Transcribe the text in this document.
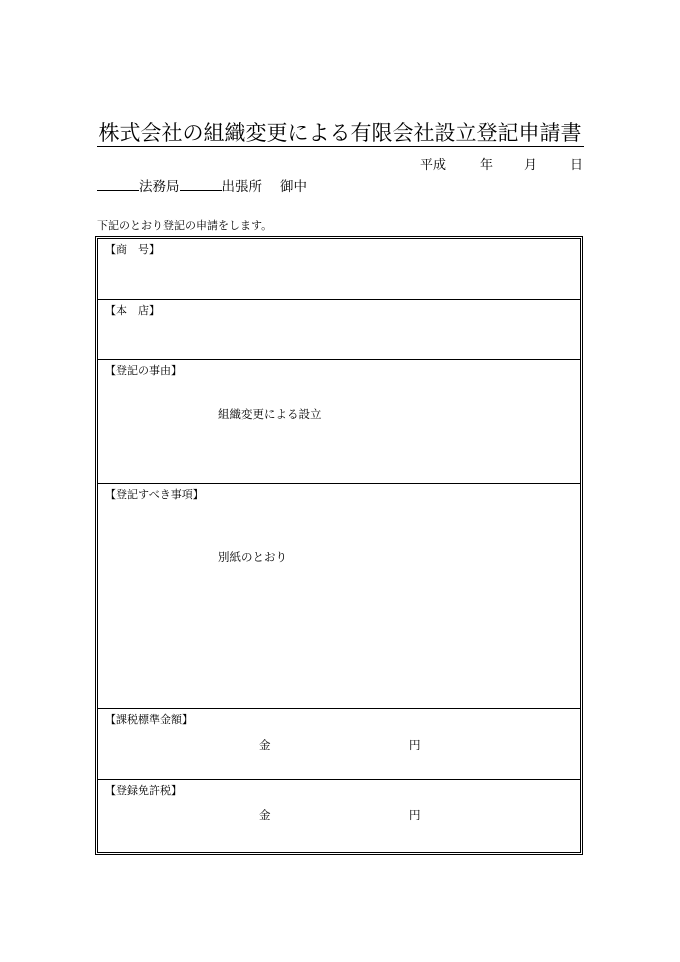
株式会社の組織変更による有限会社設立登記申請書
平成	年 月	日
法務局	出張所 御中
下記のとおり登記の申請をします。
【商　号】
【本　店】
【登記の事由】
組織変更による設立
【登記すべき事項】
別紙のとおり
【課税標準金額】
金	円
【登録免許税】
金	円
